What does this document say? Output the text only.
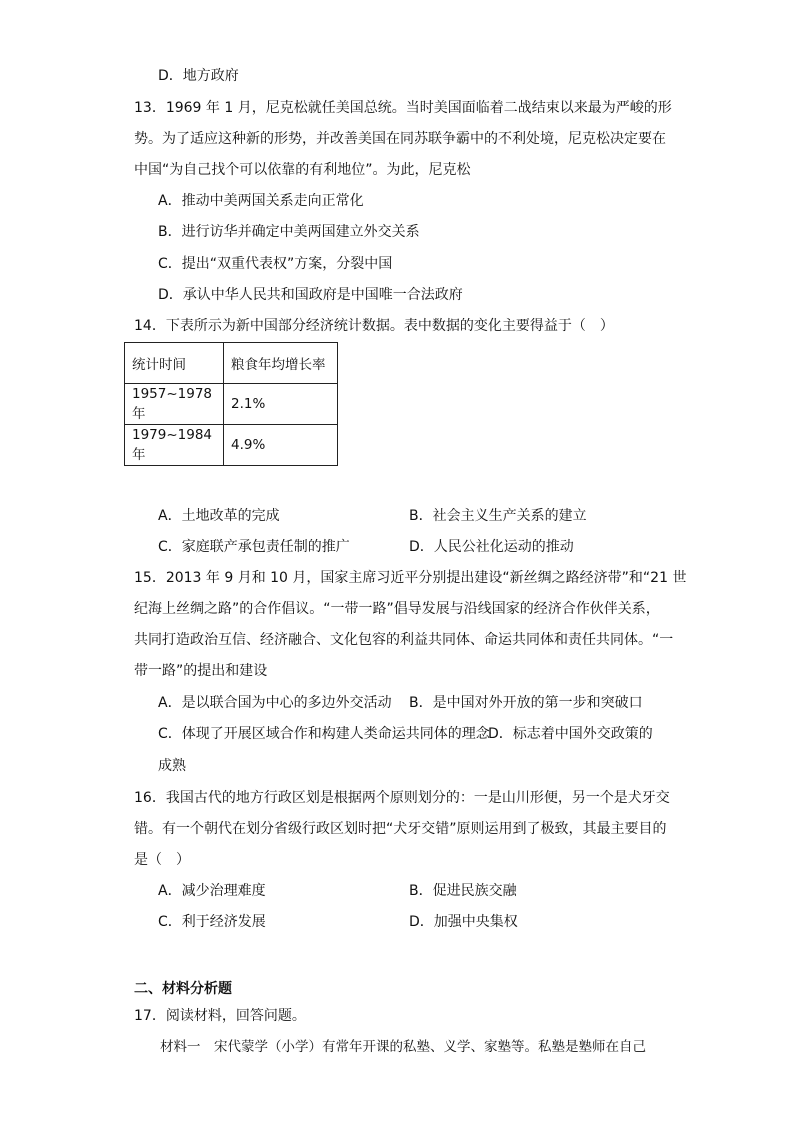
D．地方政府
13．1969 年 1 月，尼克松就任美国总统。当时美国面临着二战结束以来最为严峻的形
势。为了适应这种新的形势，并改善美国在同苏联争霸中的不利处境，尼克松决定要在
中国“为自己找个可以依靠的有利地位”。为此，尼克松
A．推动中美两国关系走向正常化
B．进行访华并确定中美两国建立外交关系
C．提出“双重代表权”方案，分裂中国
D．承认中华人民共和国政府是中国唯一合法政府
14．下表所示为新中国部分经济统计数据。表中数据的变化主要得益于（　）
统计时间	粮食年均增长率
1957~1978 年	2.1%
1979~1984 年	4.9%
A．土地改革的完成	B．社会主义生产关系的建立
C．家庭联产承包责任制的推广	D．人民公社化运动的推动
15．2013 年 9 月和 10 月，国家主席习近平分别提出建设“新丝绸之路经济带”和“21 世
纪海上丝绸之路”的合作倡议。“一带一路”倡导发展与沿线国家的经济合作伙伴关系，
共同打造政治互信、经济融合、文化包容的利益共同体、命运共同体和责任共同体。“一
带一路”的提出和建设
A．是以联合国为中心的多边外交活动 B．是中国对外开放的第一步和突破口
C．体现了开展区域合作和构建人类命运共同体的理念
D．标志着中国外交政策的
成熟
16．我国古代的地方行政区划是根据两个原则划分的：一是山川形便，另一个是犬牙交
错。有一个朝代在划分省级行政区划时把“犬牙交错”原则运用到了极致，其最主要目的
是（　）
A．减少治理难度	B．促进民族交融
C．利于经济发展	D．加强中央集权
二、材料分析题
17．阅读材料，回答问题。
材料一　宋代蒙学（小学）有常年开课的私塾、义学、家塾等。私塾是塾师在自己
